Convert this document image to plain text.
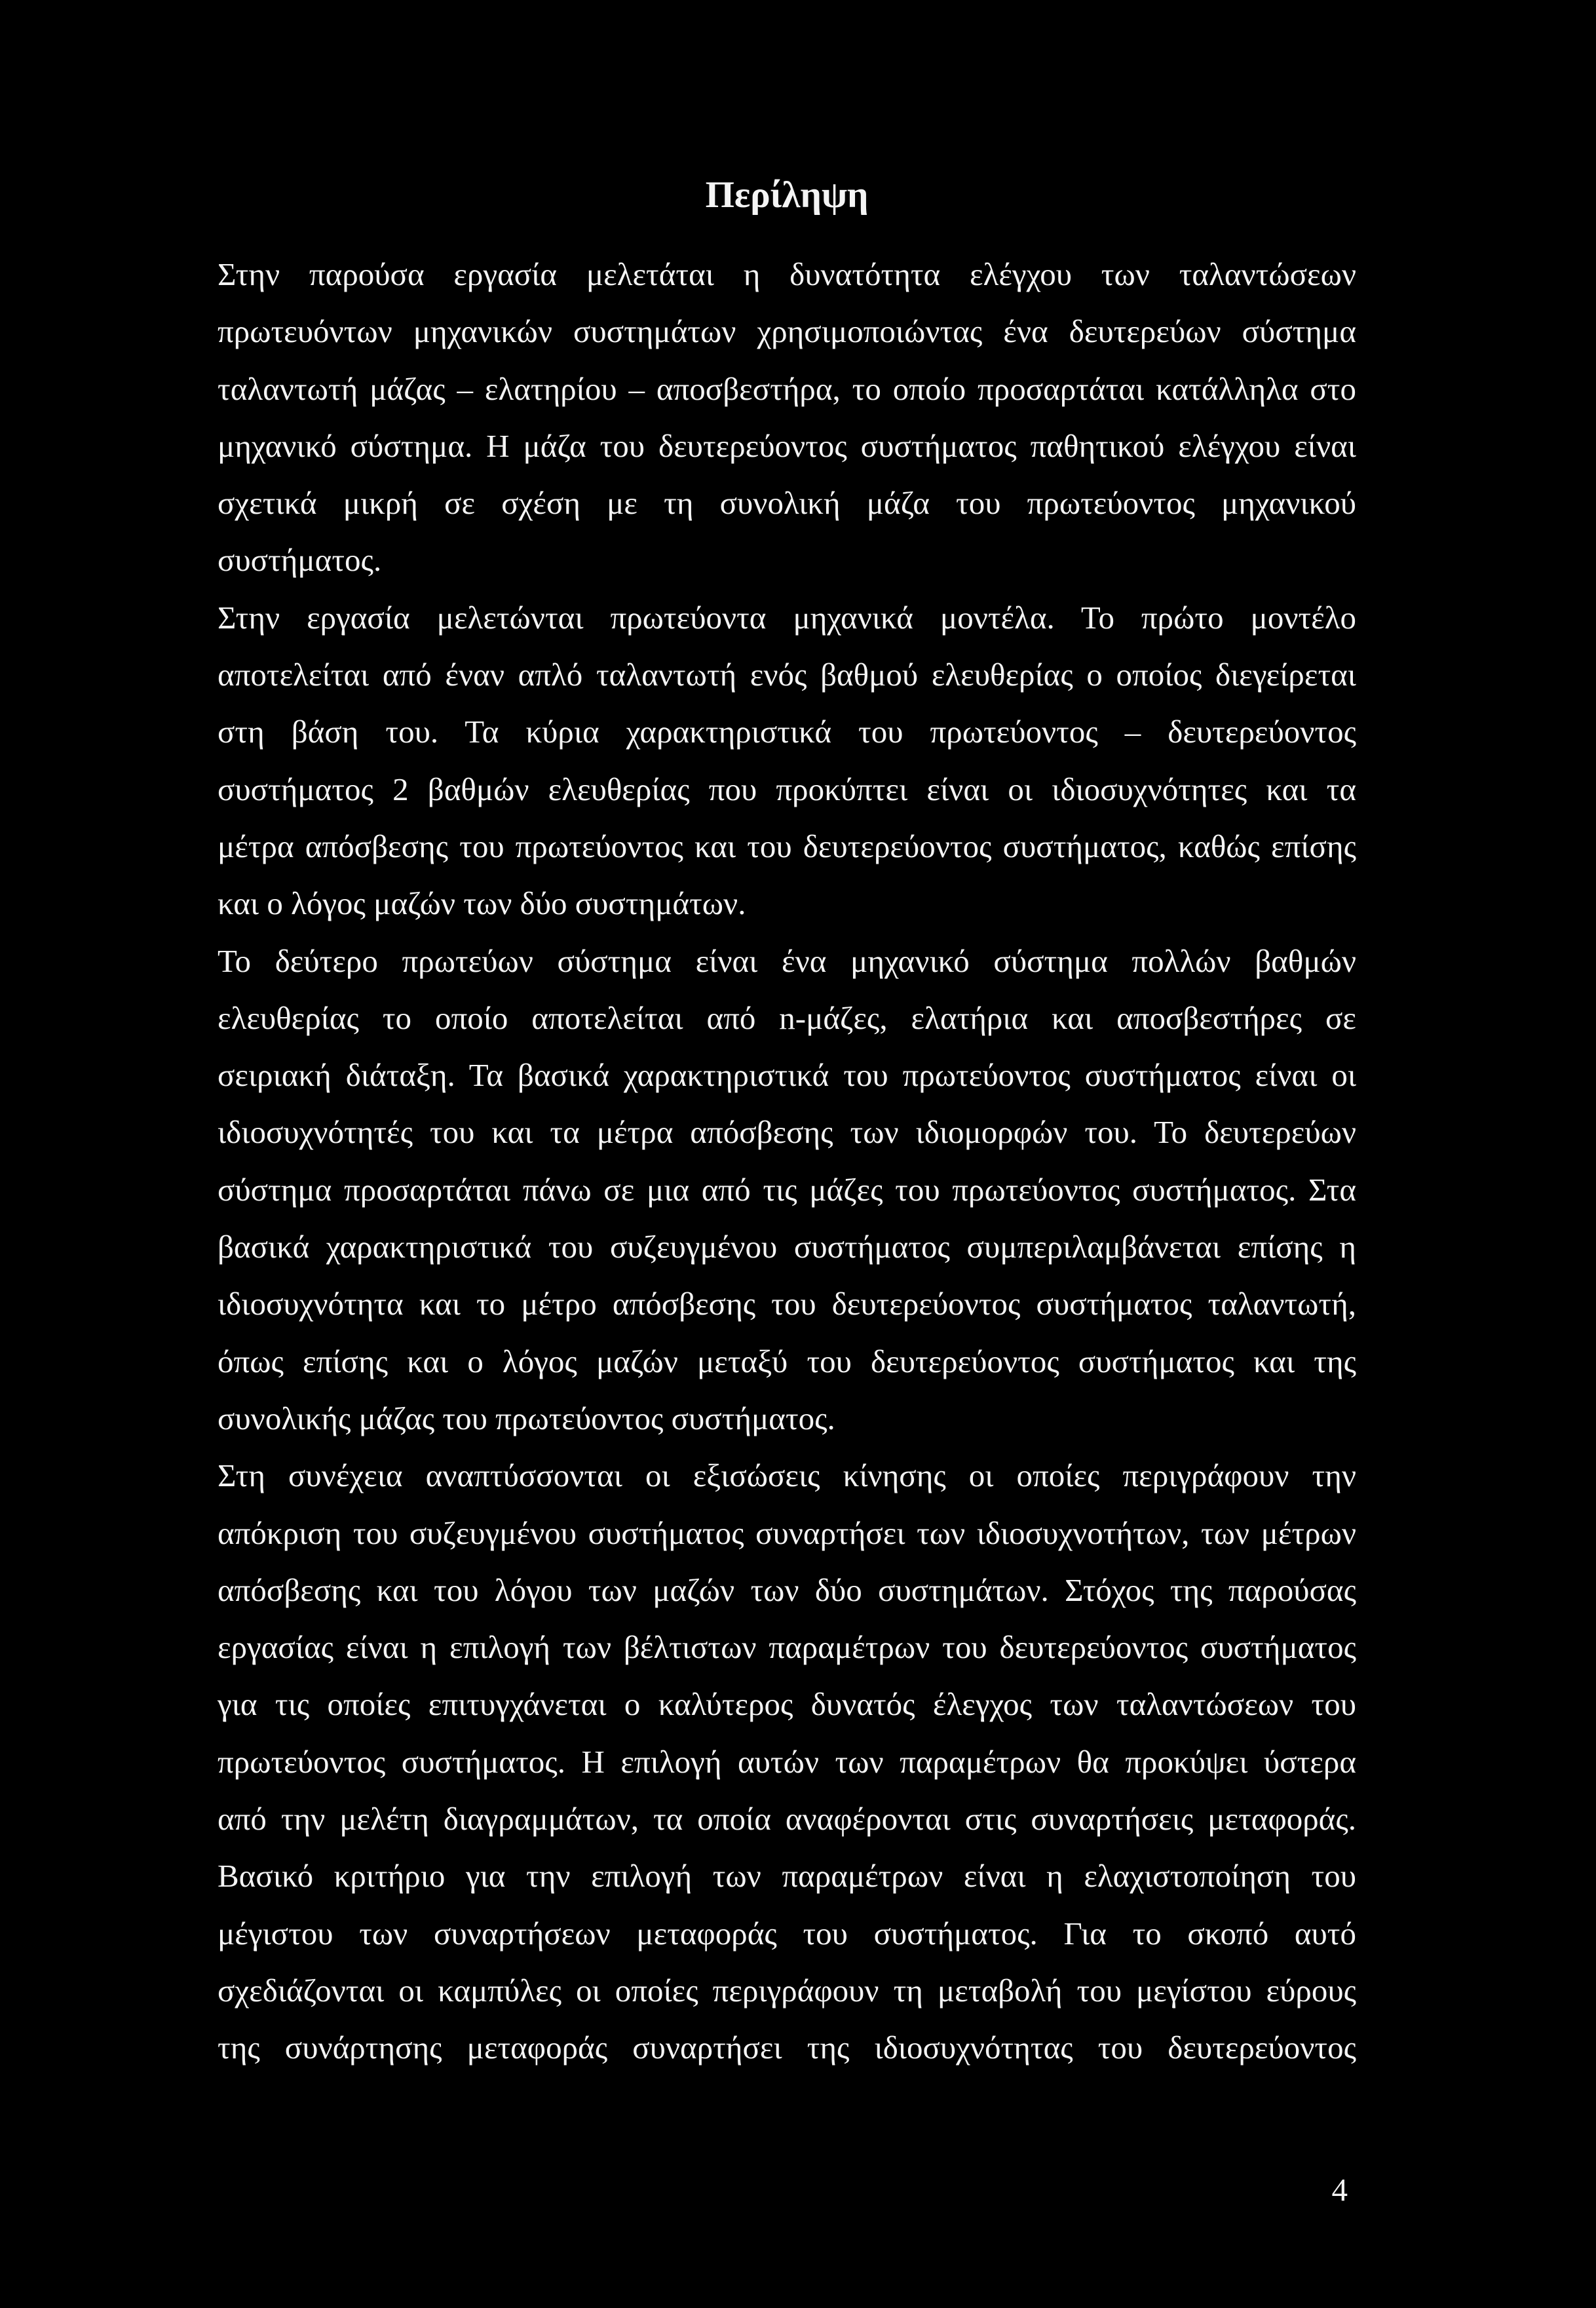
Περίληψη
Στην παρούσα εργασία μελετάται η δυνατότητα ελέγχου των ταλαντώσεων
πρωτευόντων μηχανικών συστημάτων χρησιμοποιώντας ένα δευτερεύων σύστημα
ταλαντωτή μάζας – ελατηρίου – αποσβεστήρα, το οποίο προσαρτάται κατάλληλα στο
μηχανικό σύστημα. Η μάζα του δευτερεύοντος συστήματος παθητικού ελέγχου είναι
σχετικά μικρή σε σχέση με τη συνολική μάζα του πρωτεύοντος μηχανικού
συστήματος.
Στην εργασία μελετώνται πρωτεύοντα μηχανικά μοντέλα. Το πρώτο μοντέλο
αποτελείται από έναν απλό ταλαντωτή ενός βαθμού ελευθερίας ο οποίος διεγείρεται
στη βάση του. Τα κύρια χαρακτηριστικά του πρωτεύοντος – δευτερεύοντος
συστήματος 2 βαθμών ελευθερίας που προκύπτει είναι οι ιδιοσυχνότητες και τα
μέτρα απόσβεσης του πρωτεύοντος και του δευτερεύοντος συστήματος, καθώς επίσης
και ο λόγος μαζών των δύο συστημάτων.
Το δεύτερο πρωτεύων σύστημα είναι ένα μηχανικό σύστημα πολλών βαθμών
ελευθερίας το οποίο αποτελείται από n-μάζες, ελατήρια και αποσβεστήρες σε
σειριακή διάταξη. Τα βασικά χαρακτηριστικά του πρωτεύοντος συστήματος είναι οι
ιδιοσυχνότητές του και τα μέτρα απόσβεσης των ιδιομορφών του. Το δευτερεύων
σύστημα προσαρτάται πάνω σε μια από τις μάζες του πρωτεύοντος συστήματος. Στα
βασικά χαρακτηριστικά του συζευγμένου συστήματος συμπεριλαμβάνεται επίσης η
ιδιοσυχνότητα και το μέτρο απόσβεσης του δευτερεύοντος συστήματος ταλαντωτή,
όπως επίσης και ο λόγος μαζών μεταξύ του δευτερεύοντος συστήματος και της
συνολικής μάζας του πρωτεύοντος συστήματος.
Στη συνέχεια αναπτύσσονται οι εξισώσεις κίνησης οι οποίες περιγράφουν την
απόκριση του συζευγμένου συστήματος συναρτήσει των ιδιοσυχνοτήτων, των μέτρων
απόσβεσης και του λόγου των μαζών των δύο συστημάτων. Στόχος της παρούσας
εργασίας είναι η επιλογή των βέλτιστων παραμέτρων του δευτερεύοντος συστήματος
για τις οποίες επιτυγχάνεται ο καλύτερος δυνατός έλεγχος των ταλαντώσεων του
πρωτεύοντος συστήματος. Η επιλογή αυτών των παραμέτρων θα προκύψει ύστερα
από την μελέτη διαγραμμάτων, τα οποία αναφέρονται στις συναρτήσεις μεταφοράς.
Βασικό κριτήριο για την επιλογή των παραμέτρων είναι η ελαχιστοποίηση του
μέγιστου των συναρτήσεων μεταφοράς του συστήματος. Για το σκοπό αυτό
σχεδιάζονται οι καμπύλες οι οποίες περιγράφουν τη μεταβολή του μεγίστου εύρους
της συνάρτησης μεταφοράς συναρτήσει της ιδιοσυχνότητας του δευτερεύοντος
4
